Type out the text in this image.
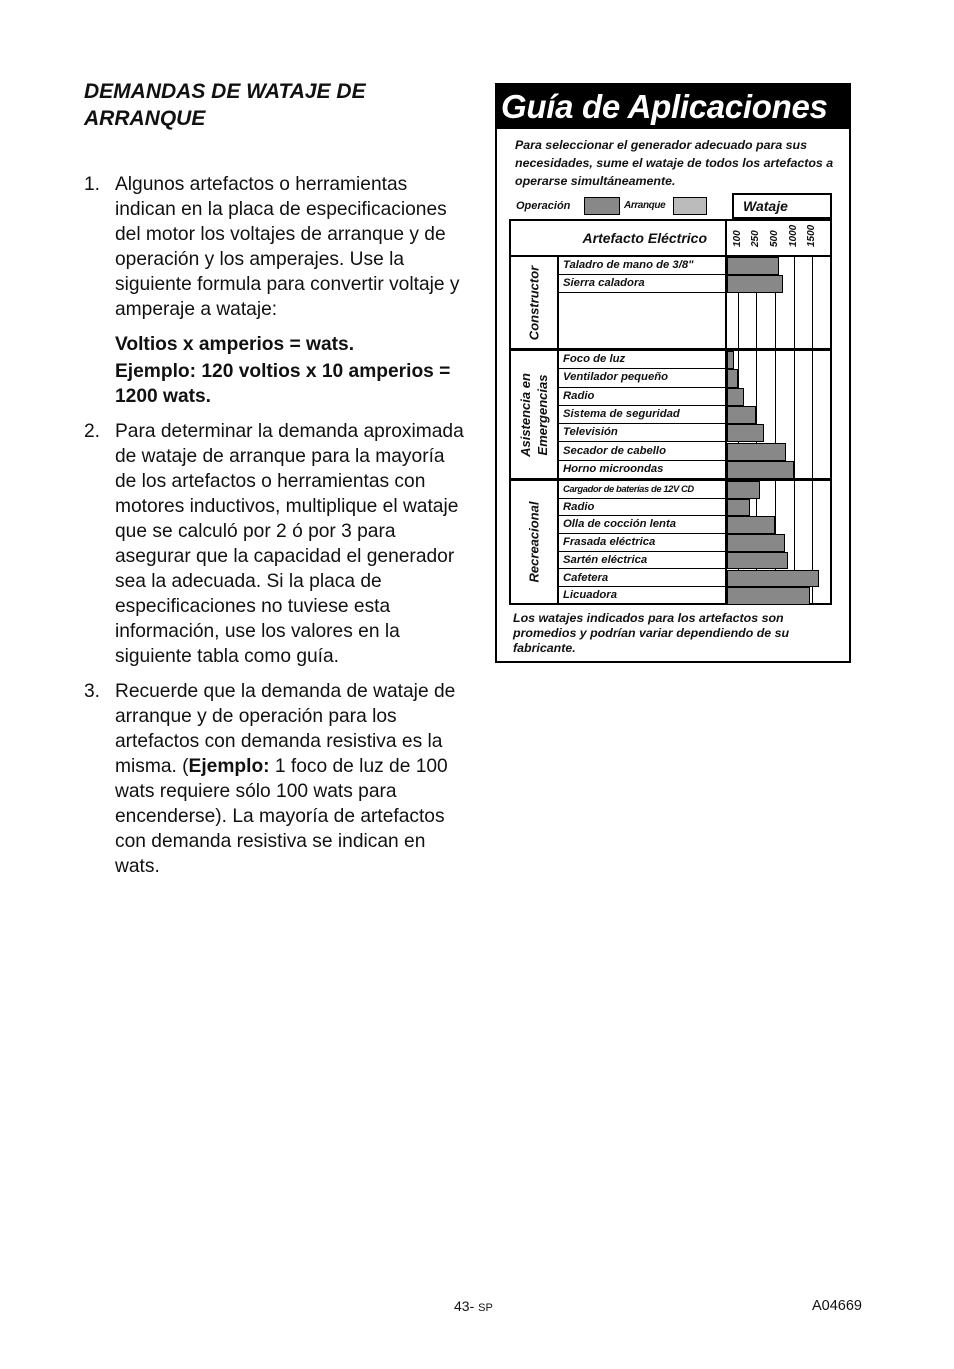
DEMANDAS DE WATAJE DE ARRANQUE
1. Algunos artefactos o herramientas indican en la placa de especificaciones del motor los voltajes de arranque y de operación y los amperajes. Use la siguiente formula para convertir voltaje y amperaje a wataje:
Voltios x amperios = wats.
Ejemplo: 120 voltios x 10 amperios = 1200 wats.
2. Para determinar la demanda aproximada de wataje de arranque para la mayoría de los artefactos o herramientas con motores inductivos, multiplique el wataje que se calculó por 2 ó por 3 para asegurar que la capacidad el generador sea la adecuada. Si la placa de especificaciones no tuviese esta información, use los valores en la siguiente tabla como guía.
3. Recuerde que la demanda de wataje de arranque y de operación para los artefactos con demanda resistiva es la misma. (Ejemplo: 1 foco de luz de 100 wats requiere sólo 100 wats para encenderse). La mayoría de artefactos con demanda resistiva se indican en wats.
Guía de Aplicaciones
Para seleccionar el generador adecuado para sus necesidades, sume el wataje de todos los artefactos a operarse simultáneamente.
Operación	Arranque	Wataje
Artefacto Eléctrico	100 250 500 1000 1500
Constructor
Taladro de mano de 3/8"
Sierra caladora
Asistencia en Emergencias
Foco de luz
Ventilador pequeño
Radio
Sistema de seguridad
Televisión
Secador de cabello
Horno microondas
Recreacional
Cargador de baterías de 12V CD
Radio
Olla de cocción lenta
Frasada eléctrica
Sartén eléctrica
Cafetera
Licuadora
Los watajes indicados para los artefactos son promedios y podrían variar dependiendo de su fabricante.
43- SP	A04669
